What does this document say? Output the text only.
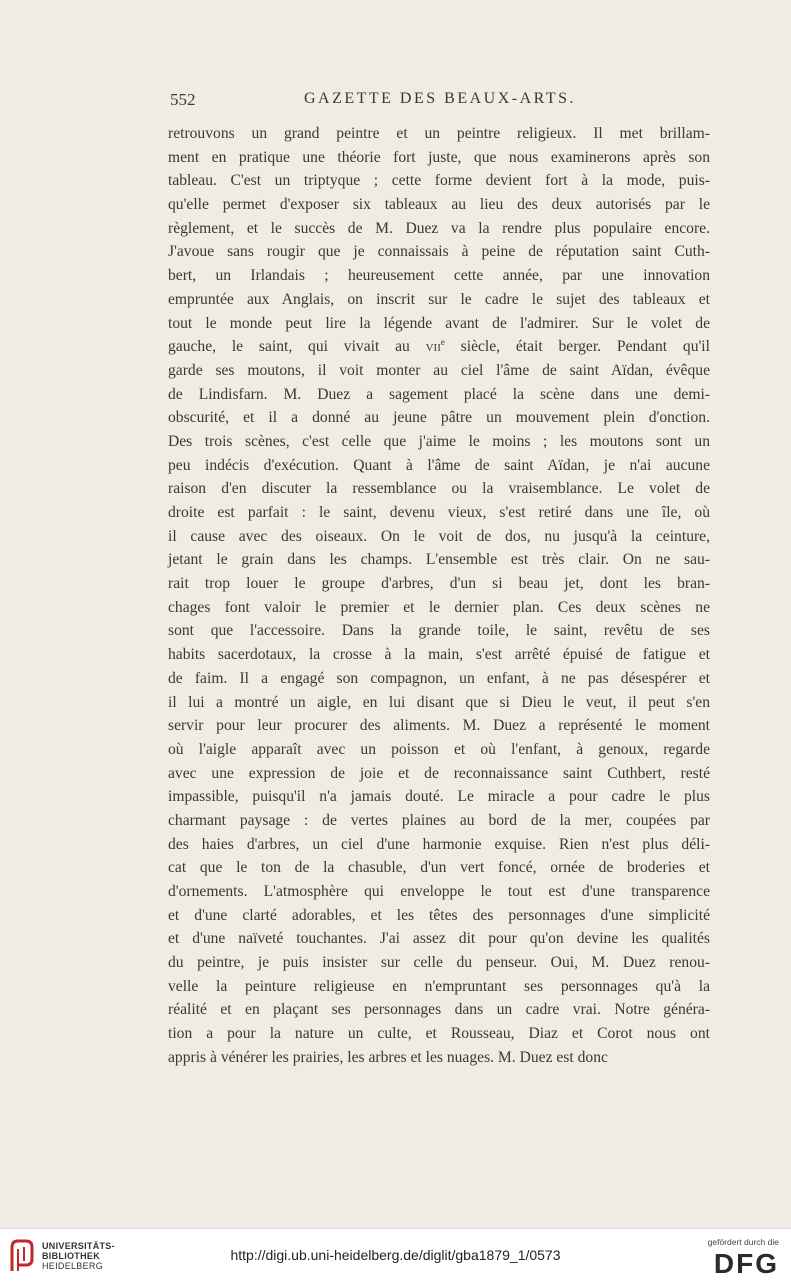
552	GAZETTE DES BEAUX-ARTS.
retrouvons un grand peintre et un peintre religieux. Il met brillam-
ment en pratique une théorie fort juste, que nous examinerons après son
tableau. C'est un triptyque ; cette forme devient fort à la mode, puis-
qu'elle permet d'exposer six tableaux au lieu des deux autorisés par le
règlement, et le succès de M. Duez va la rendre plus populaire encore.
J'avoue sans rougir que je connaissais à peine de réputation saint Cuth-
bert, un Irlandais ; heureusement cette année, par une innovation
empruntée aux Anglais, on inscrit sur le cadre le sujet des tableaux et
tout le monde peut lire la légende avant de l'admirer. Sur le volet de
gauche, le saint, qui vivait au vii$^e$ siècle, était berger. Pendant qu'il
garde ses moutons, il voit monter au ciel l'âme de saint Aïdan, évêque
de Lindisfarn. M. Duez a sagement placé la scène dans une demi-
obscurité, et il a donné au jeune pâtre un mouvement plein d'onction.
Des trois scènes, c'est celle que j'aime le moins ; les moutons sont un
peu indécis d'exécution. Quant à l'âme de saint Aïdan, je n'ai aucune
raison d'en discuter la ressemblance ou la vraisemblance. Le volet de
droite est parfait : le saint, devenu vieux, s'est retiré dans une île, où
il cause avec des oiseaux. On le voit de dos, nu jusqu'à la ceinture,
jetant le grain dans les champs. L'ensemble est très clair. On ne sau-
rait trop louer le groupe d'arbres, d'un si beau jet, dont les bran-
chages font valoir le premier et le dernier plan. Ces deux scènes ne
sont que l'accessoire. Dans la grande toile, le saint, revêtu de ses
habits sacerdotaux, la crosse à la main, s'est arrêté épuisé de fatigue et
de faim. Il a engagé son compagnon, un enfant, à ne pas désespérer et
il lui a montré un aigle, en lui disant que si Dieu le veut, il peut s'en
servir pour leur procurer des aliments. M. Duez a représenté le moment
où l'aigle apparaît avec un poisson et où l'enfant, à genoux, regarde
avec une expression de joie et de reconnaissance saint Cuthbert, resté
impassible, puisqu'il n'a jamais douté. Le miracle a pour cadre le plus
charmant paysage : de vertes plaines au bord de la mer, coupées par
des haies d'arbres, un ciel d'une harmonie exquise. Rien n'est plus déli-
cat que le ton de la chasuble, d'un vert foncé, ornée de broderies et
d'ornements. L'atmosphère qui enveloppe le tout est d'une transparence
et d'une clarté adorables, et les têtes des personnages d'une simplicité
et d'une naïveté touchantes. J'ai assez dit pour qu'on devine les qualités
du peintre, je puis insister sur celle du penseur. Oui, M. Duez renou-
velle la peinture religieuse en n'empruntant ses personnages qu'à la
réalité et en plaçant ses personnages dans un cadre vrai. Notre généra-
tion a pour la nature un culte, et Rousseau, Diaz et Corot nous ont
appris à vénérer les prairies, les arbres et les nuages. M. Duez est donc
UNIVERSITÄTS-
BIBLIOTHEK
HEIDELBERG
http://digi.ub.uni-heidelberg.de/diglit/gba1879_1/0573
gefördert durch die
DFG
